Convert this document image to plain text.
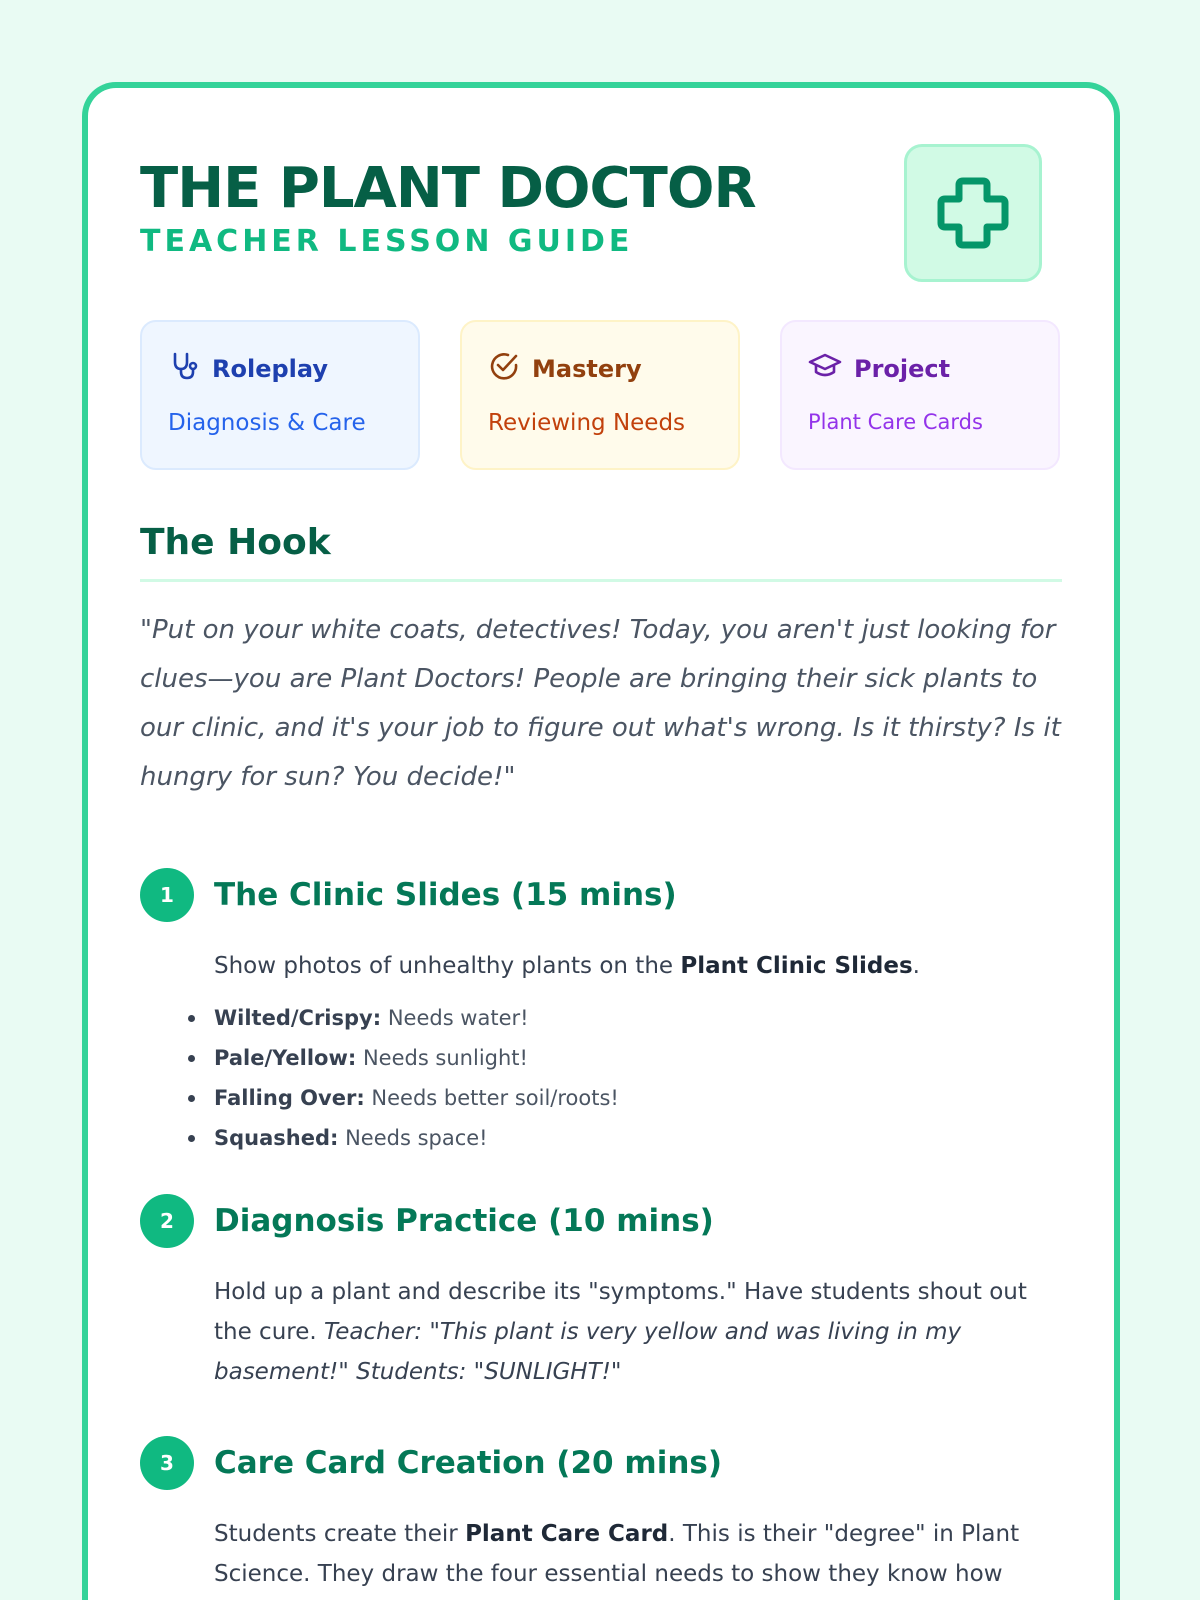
THE PLANT DOCTOR
TEACHER LESSON GUIDE
Roleplay
Diagnosis & Care
Mastery
Reviewing Needs
Project
Plant Care Cards
The Hook
"Put on your white coats, detectives! Today, you aren't just looking for clues—you are Plant Doctors! People are bringing their sick plants to our clinic, and it's your job to figure out what's wrong. Is it thirsty? Is it hungry for sun? You decide!"
1	The Clinic Slides (15 mins)
Show photos of unhealthy plants on the Plant Clinic Slides.
Wilted/Crispy: Needs water!
Pale/Yellow: Needs sunlight!
Falling Over: Needs better soil/roots!
Squashed: Needs space!
2	Diagnosis Practice (10 mins)
Hold up a plant and describe its "symptoms." Have students shout out the cure. Teacher: "This plant is very yellow and was living in my basement!" Students: "SUNLIGHT!"
3	Care Card Creation (20 mins)
Students create their Plant Care Card. This is their "degree" in Plant Science. They draw the four essential needs to show they know how
